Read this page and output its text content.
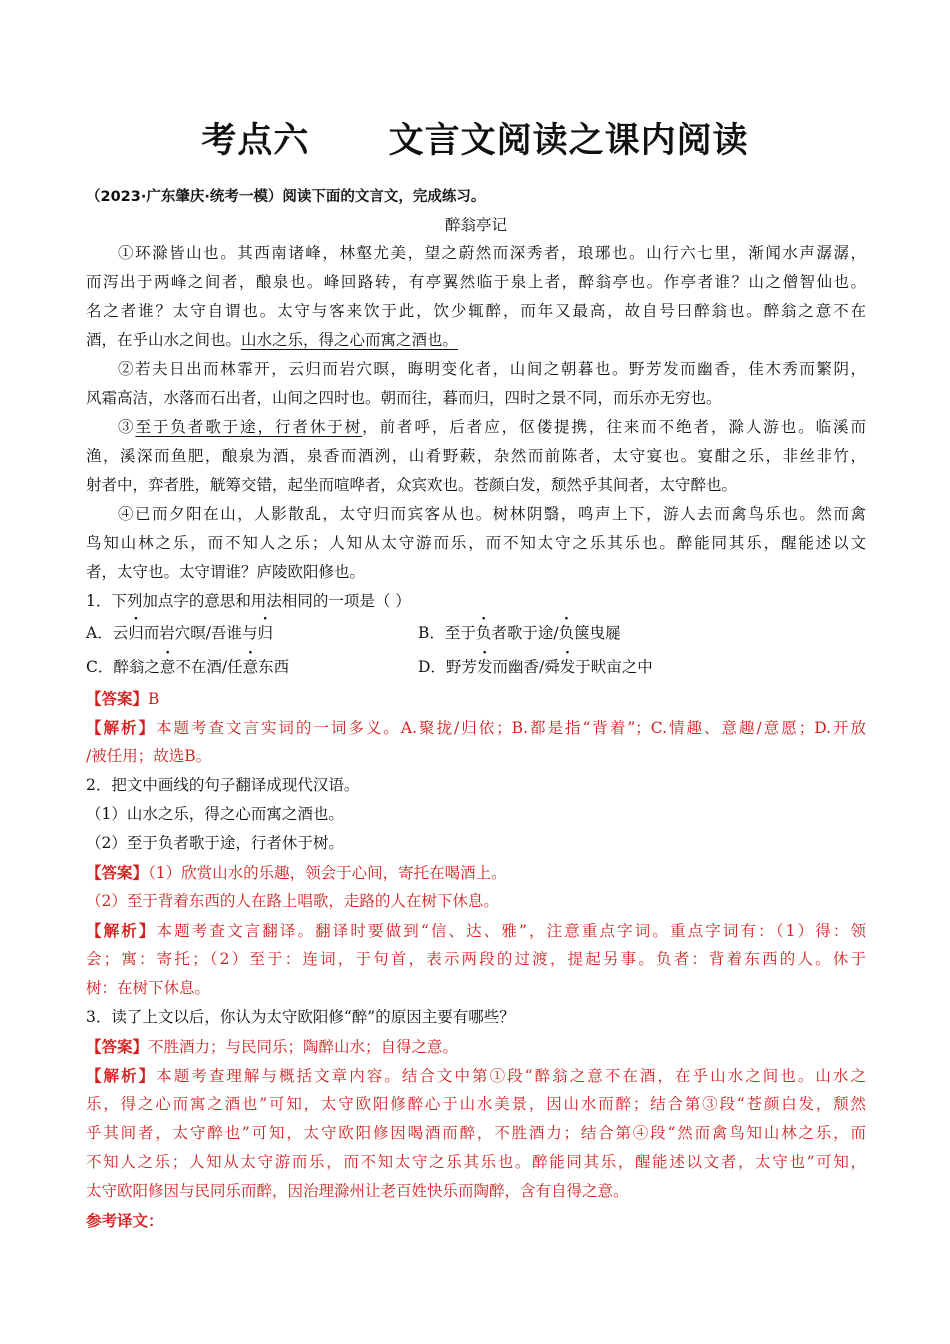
考点六 文言文阅读之课内阅读
（2023·广东肇庆·统考一模）阅读下面的文言文，完成练习。
醉翁亭记
①环滁皆山也。其西南诸峰，林壑尤美，望之蔚然而深秀者，琅琊也。山行六七里，渐闻水声潺潺，
而泻出于两峰之间者，酿泉也。峰回路转，有亭翼然临于泉上者，醉翁亭也。作亭者谁？山之僧智仙也。
名之者谁？太守自谓也。太守与客来饮于此，饮少辄醉，而年又最高，故自号曰醉翁也。醉翁之意不在
酒，在乎山水之间也。山水之乐，得之心而寓之酒也。
②若夫日出而林霏开，云归而岩穴暝，晦明变化者，山间之朝暮也。野芳发而幽香，佳木秀而繁阴，
风霜高洁，水落而石出者，山间之四时也。朝而往，暮而归，四时之景不同，而乐亦无穷也。
③至于负者歌于途，行者休于树，前者呼，后者应，伛偻提携，往来而不绝者，滁人游也。临溪而
渔，溪深而鱼肥，酿泉为酒，泉香而酒洌，山肴野蔌，杂然而前陈者，太守宴也。宴酣之乐，非丝非竹，
射者中，弈者胜，觥筹交错，起坐而喧哗者，众宾欢也。苍颜白发，颓然乎其间者，太守醉也。
④已而夕阳在山，人影散乱，太守归而宾客从也。树林阴翳，鸣声上下，游人去而禽鸟乐也。然而禽
鸟知山林之乐，而不知人之乐；人知从太守游而乐，而不知太守之乐其乐也。醉能同其乐，醒能述以文
者，太守也。太守谓谁？庐陵欧阳修也。
1．下列加点字的意思和用法相同的一项是（ ）
A．云归而岩穴暝/吾谁与归	B．至于负者歌于途/负箧曳屣
C．醉翁之意不在酒/任意东西	D．野芳发而幽香/舜发于畎亩之中
【答案】B
【解析】本题考查文言实词的一词多义。A.聚拢/归依；B.都是指“背着”；C.情趣、意趣/意愿；D.开放
/被任用；故选B。
2．把文中画线的句子翻译成现代汉语。
（1）山水之乐，得之心而寓之酒也。
（2）至于负者歌于途，行者休于树。
【答案】（1）欣赏山水的乐趣，领会于心间，寄托在喝酒上。
（2）至于背着东西的人在路上唱歌，走路的人在树下休息。
【解析】本题考查文言翻译。翻译时要做到“信、达、雅”，注意重点字词。重点字词有：（1）得：领
会；寓：寄托；（2）至于：连词，于句首，表示两段的过渡，提起另事。负者：背着东西的人。休于
树：在树下休息。
3．读了上文以后，你认为太守欧阳修“醉”的原因主要有哪些？
【答案】不胜酒力；与民同乐；陶醉山水；自得之意。
【解析】本题考查理解与概括文章内容。结合文中第①段“醉翁之意不在酒，在乎山水之间也。山水之
乐，得之心而寓之酒也”可知，太守欧阳修醉心于山水美景，因山水而醉；结合第③段“苍颜白发，颓然
乎其间者，太守醉也”可知，太守欧阳修因喝酒而醉，不胜酒力；结合第④段“然而禽鸟知山林之乐，而
不知人之乐；人知从太守游而乐，而不知太守之乐其乐也。醉能同其乐，醒能述以文者，太守也”可知，
太守欧阳修因与民同乐而醉，因治理滁州让老百姓快乐而陶醉，含有自得之意。
参考译文：
